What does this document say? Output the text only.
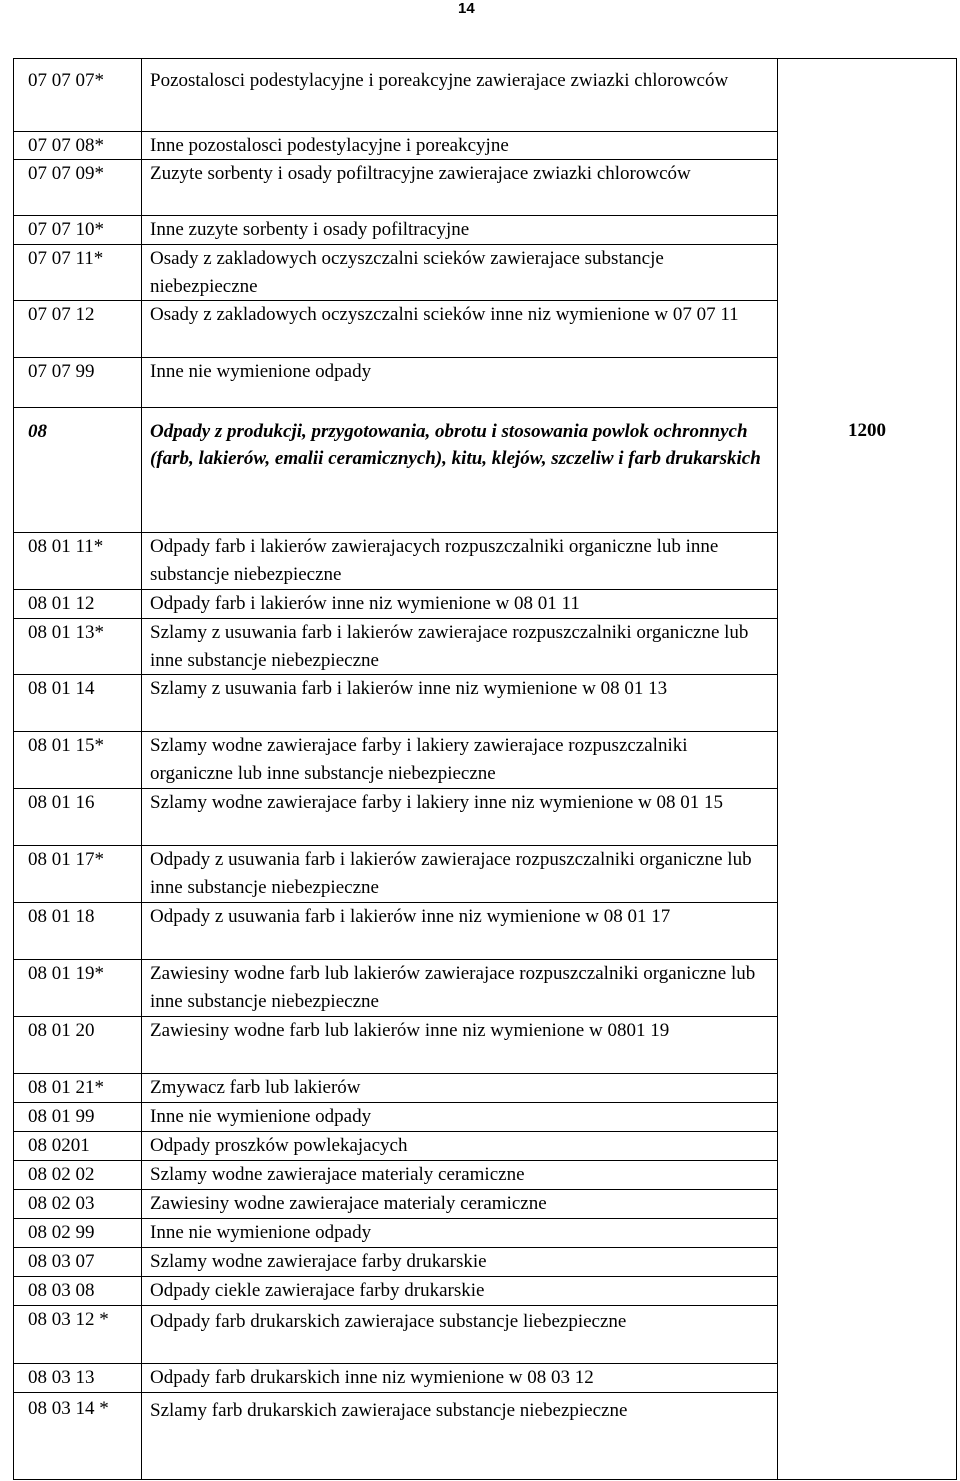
14
07 07 07* Pozostalosci podestylacyjne i poreakcyjne zawierajace zwiazki chlorowców
07 07 08* Inne pozostalosci podestylacyjne i poreakcyjne
07 07 09* Zuzyte sorbenty i osady pofiltracyjne zawierajace zwiazki chlorowców
07 07 10* Inne zuzyte sorbenty i osady pofiltracyjne
07 07 11* Osady z zakladowych oczyszczalni scieków zawierajace substancje niebezpieczne
07 07 12	Osady z zakladowych oczyszczalni scieków inne niz wymienione w 07 07 11
07 07 99	Inne nie wymienione odpady
08	Odpady z produkcji, przygotowania, obrotu i stosowania powlok ochronnych (farb, lakierów, emalii ceramicznych), kitu, klejów, szczeliw i farb drukarskich
1200
08 01 11* Odpady farb i lakierów zawierajacych rozpuszczalniki organiczne lub inne substancje niebezpieczne
08 01 12	Odpady farb i lakierów inne niz wymienione w 08 01 11
08 01 13* Szlamy z usuwania farb i lakierów zawierajace rozpuszczalniki organiczne lub inne substancje niebezpieczne
08 01 14	Szlamy z usuwania farb i lakierów inne niz wymienione w 08 01 13
08 01 15* Szlamy wodne zawierajace farby i lakiery zawierajace rozpuszczalniki organiczne lub inne substancje niebezpieczne
08 01 16	Szlamy wodne zawierajace farby i lakiery inne niz wymienione w 08 01 15
08 01 17* Odpady z usuwania farb i lakierów zawierajace rozpuszczalniki organiczne lub inne substancje niebezpieczne
08 01 18	Odpady z usuwania farb i lakierów inne niz wymienione w 08 01 17
08 01 19* Zawiesiny wodne farb lub lakierów zawierajace rozpuszczalniki organiczne lub inne substancje niebezpieczne
08 01 20	Zawiesiny wodne farb lub lakierów inne niz wymienione w 0801 19
08 01 21* Zmywacz farb lub lakierów
08 01 99	Inne nie wymienione odpady
08 0201	Odpady proszków powlekajacych
08 02 02	Szlamy wodne zawierajace materialy ceramiczne
08 02 03	Zawiesiny wodne zawierajace materialy ceramiczne
08 02 99	Inne nie wymienione odpady
08 03 07	Szlamy wodne zawierajace farby drukarskie
08 03 08	Odpady ciekle zawierajace farby drukarskie
08 03 12 * Odpady farb drukarskich zawierajace substancje liebezpieczne
08 03 13	Odpady farb drukarskich inne niz wymienione w 08 03 12
08 03 14 * Szlamy farb drukarskich zawierajace substancje niebezpieczne
